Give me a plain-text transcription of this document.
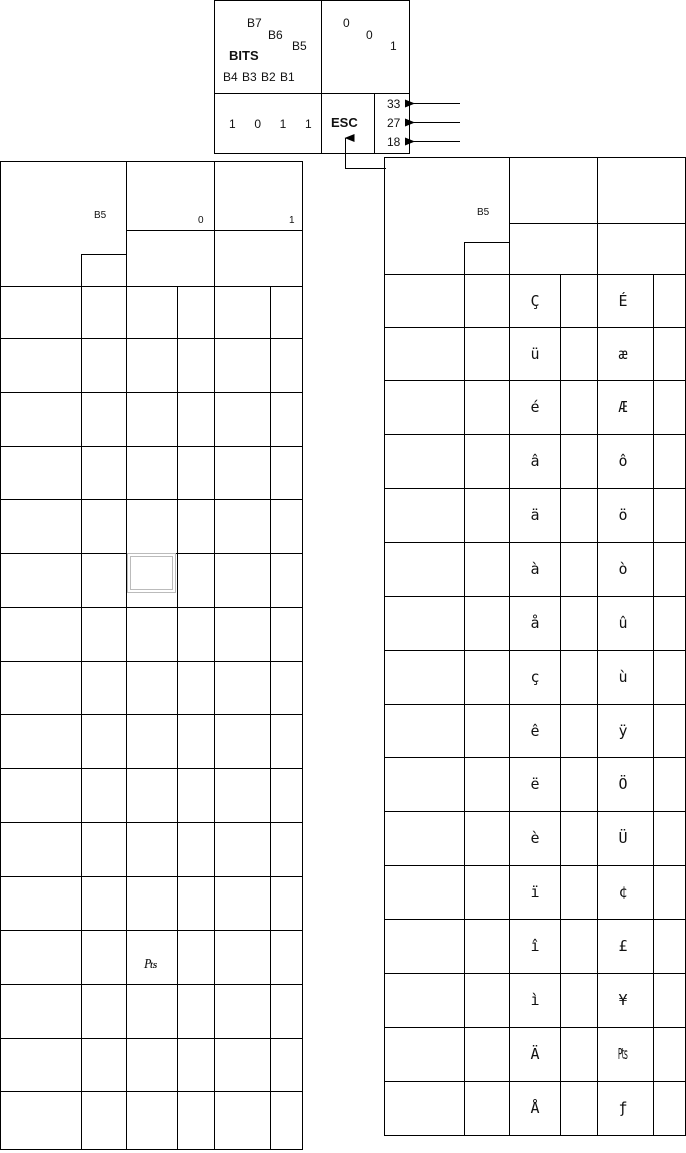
B7
B6
B5
BITS
B4 B3 B2 B1
0
0
1
1  0  1  1 ESC
33
27
18
B5	0	1
₧
B5
Ç
ü
é
â
ä
à
å
ç
ê
ë
è
ï
î
ì
Ä
Å
É
æ
Æ
ô
ö
ò
û
ù
ÿ
Ö
Ü
¢
£
¥
₧
ƒ
